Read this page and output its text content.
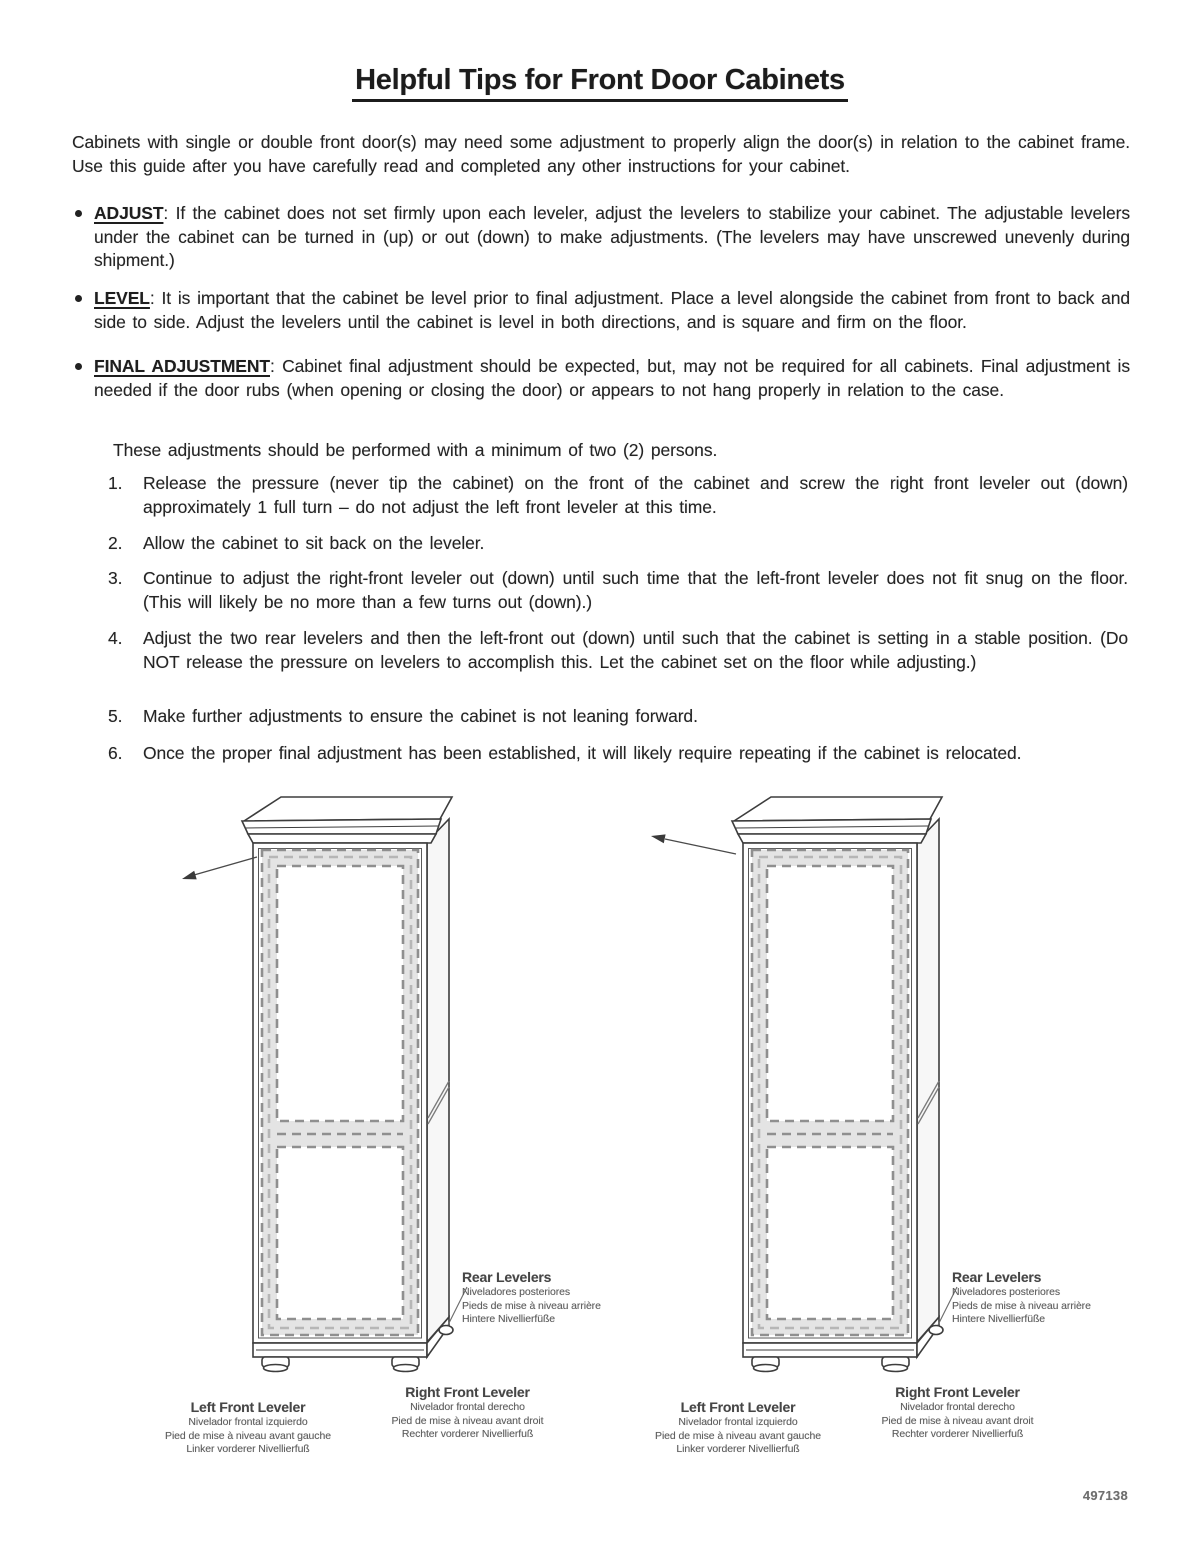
Helpful Tips for Front Door Cabinets

Cabinets with single or double front door(s) may need some adjustment to properly align the door(s) in relation to the cabinet frame. Use this guide after you have carefully read and completed any other instructions for your cabinet.

ADJUST: If the cabinet does not set firmly upon each leveler, adjust the levelers to stabilize your cabinet. The adjustable levelers under the cabinet can be turned in (up) or out (down) to make adjustments. (The levelers may have unscrewed unevenly during shipment.)
LEVEL: It is important that the cabinet be level prior to final adjustment. Place a level alongside the cabinet from front to back and side to side. Adjust the levelers until the cabinet is level in both directions, and is square and firm on the floor.
FINAL ADJUSTMENT: Cabinet final adjustment should be expected, but, may not be required for all cabinets. Final adjustment is needed if the door rubs (when opening or closing the door) or appears to not hang properly in relation to the case.

These adjustments should be performed with a minimum of two (2) persons.

1. Release the pressure (never tip the cabinet) on the front of the cabinet and screw the right front leveler out (down) approximately 1 full turn – do not adjust the left front leveler at this time.
2. Allow the cabinet to sit back on the leveler.
3. Continue to adjust the right-front leveler out (down) until such time that the left-front leveler does not fit snug on the floor. (This will likely be no more than a few turns out (down).)
4. Adjust the two rear levelers and then the left-front out (down) until such that the cabinet is setting in a stable position. (Do NOT release the pressure on levelers to accomplish this. Let the cabinet set on the floor while adjusting.)
5. Make further adjustments to ensure the cabinet is not leaning forward.
6. Once the proper final adjustment has been established, it will likely require repeating if the cabinet is relocated.
Rear Levelers
Niveladores posteriores
Pieds de mise à niveau arrière
Hintere Nivellierfüße
Right Front Leveler
Nivelador frontal derecho
Pied de mise à niveau avant droit
Rechter vorderer Nivellierfuß
Left Front Leveler
Nivelador frontal izquierdo
Pied de mise à niveau avant gauche
Linker vorderer Nivellierfuß
Rear Levelers
Niveladores posteriores
Pieds de mise à niveau arrière
Hintere Nivellierfüße
Right Front Leveler
Nivelador frontal derecho
Pied de mise à niveau avant droit
Rechter vorderer Nivellierfuß
Left Front Leveler
Nivelador frontal izquierdo
Pied de mise à niveau avant gauche
Linker vorderer Nivellierfuß
497138
